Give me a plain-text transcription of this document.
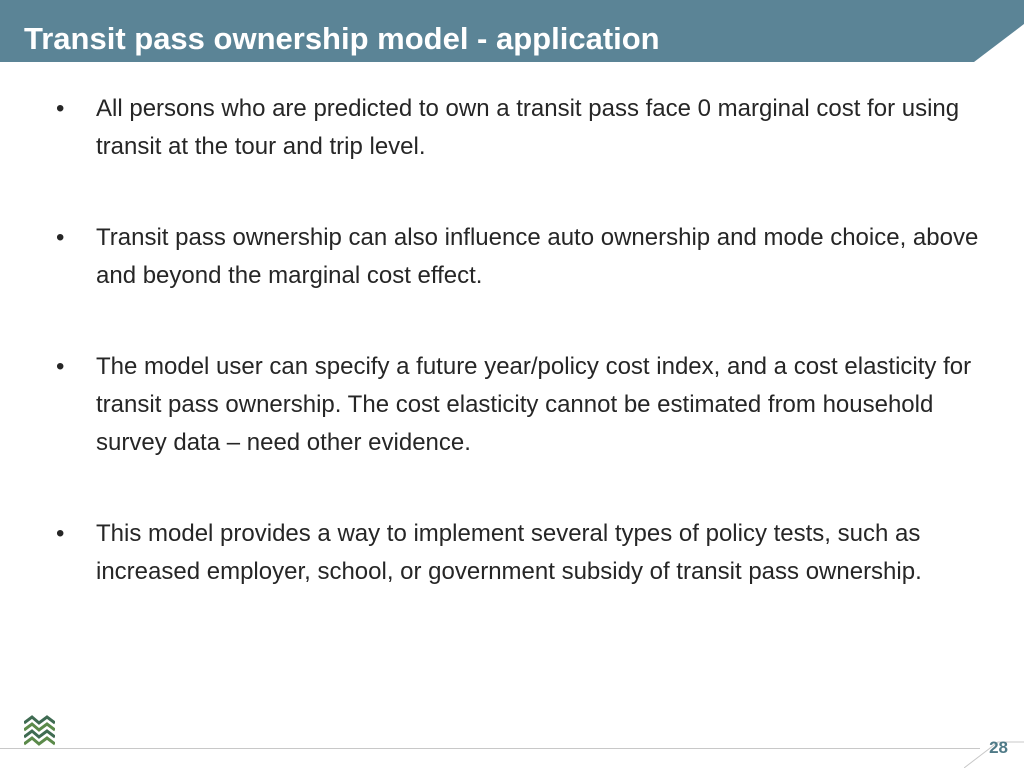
Transit pass ownership model - application
•	All persons who are predicted to own a transit pass face 0 marginal cost for using transit at the tour and trip level.
•	Transit pass ownership can also influence auto ownership and mode choice, above and beyond the marginal cost effect.
•	The model user can specify a future year/policy cost index, and a cost elasticity for transit pass ownership. The cost elasticity cannot be estimated from household survey data – need other evidence.
•	This model provides a way to implement several types of policy tests, such as increased employer, school, or government subsidy of transit pass ownership.
28
